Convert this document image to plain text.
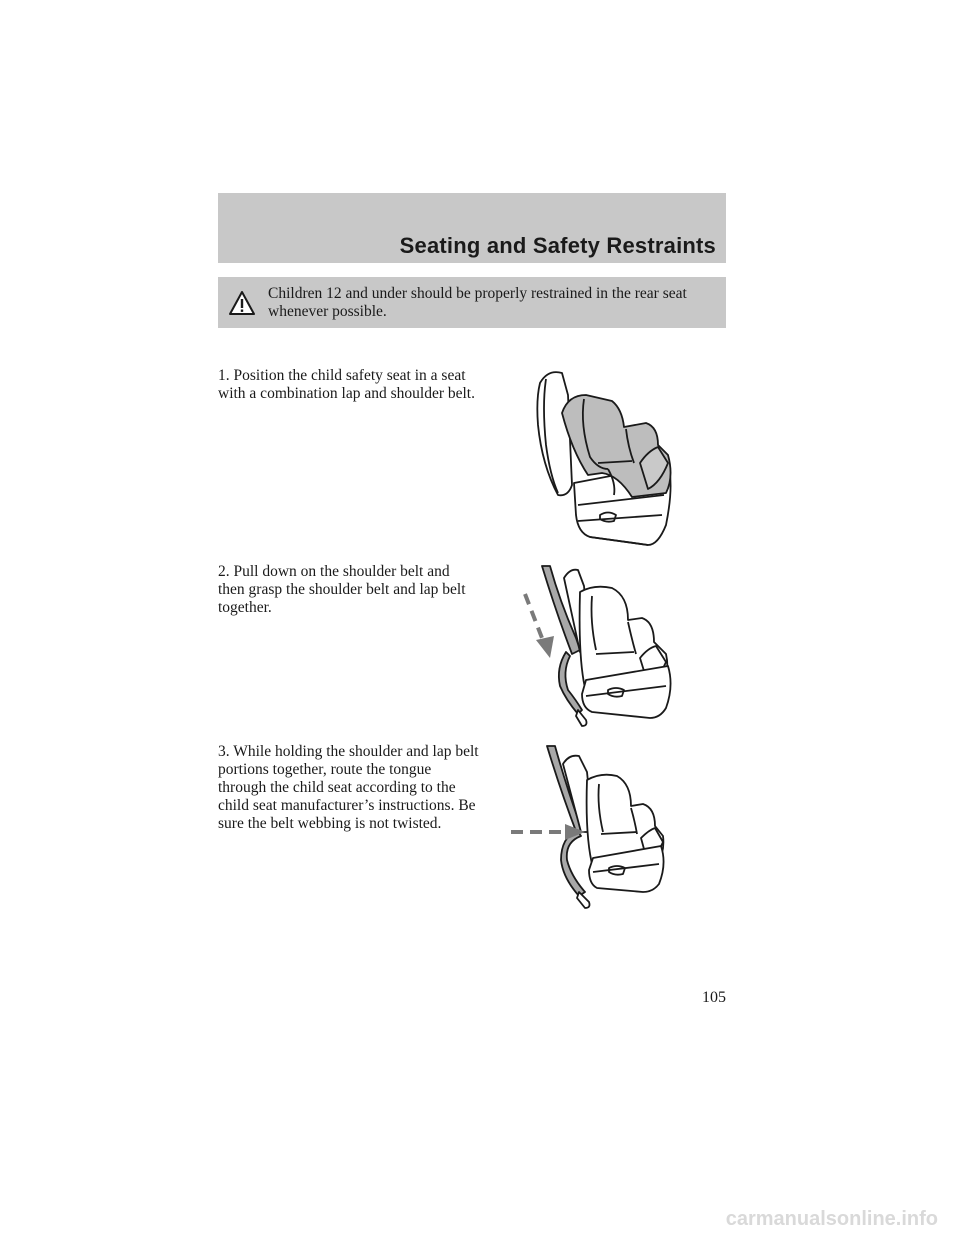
Seating and Safety Restraints
Children 12 and under should be properly restrained in the rear seat whenever possible.

1. Position the child safety seat in a seat with a combination lap and shoulder belt.

2. Pull down on the shoulder belt and then grasp the shoulder belt and lap belt together.

3. While holding the shoulder and lap belt portions together, route the tongue through the child seat according to the child seat manufacturer’s instructions. Be sure the belt webbing is not twisted.

105
carmanualsonline.info
